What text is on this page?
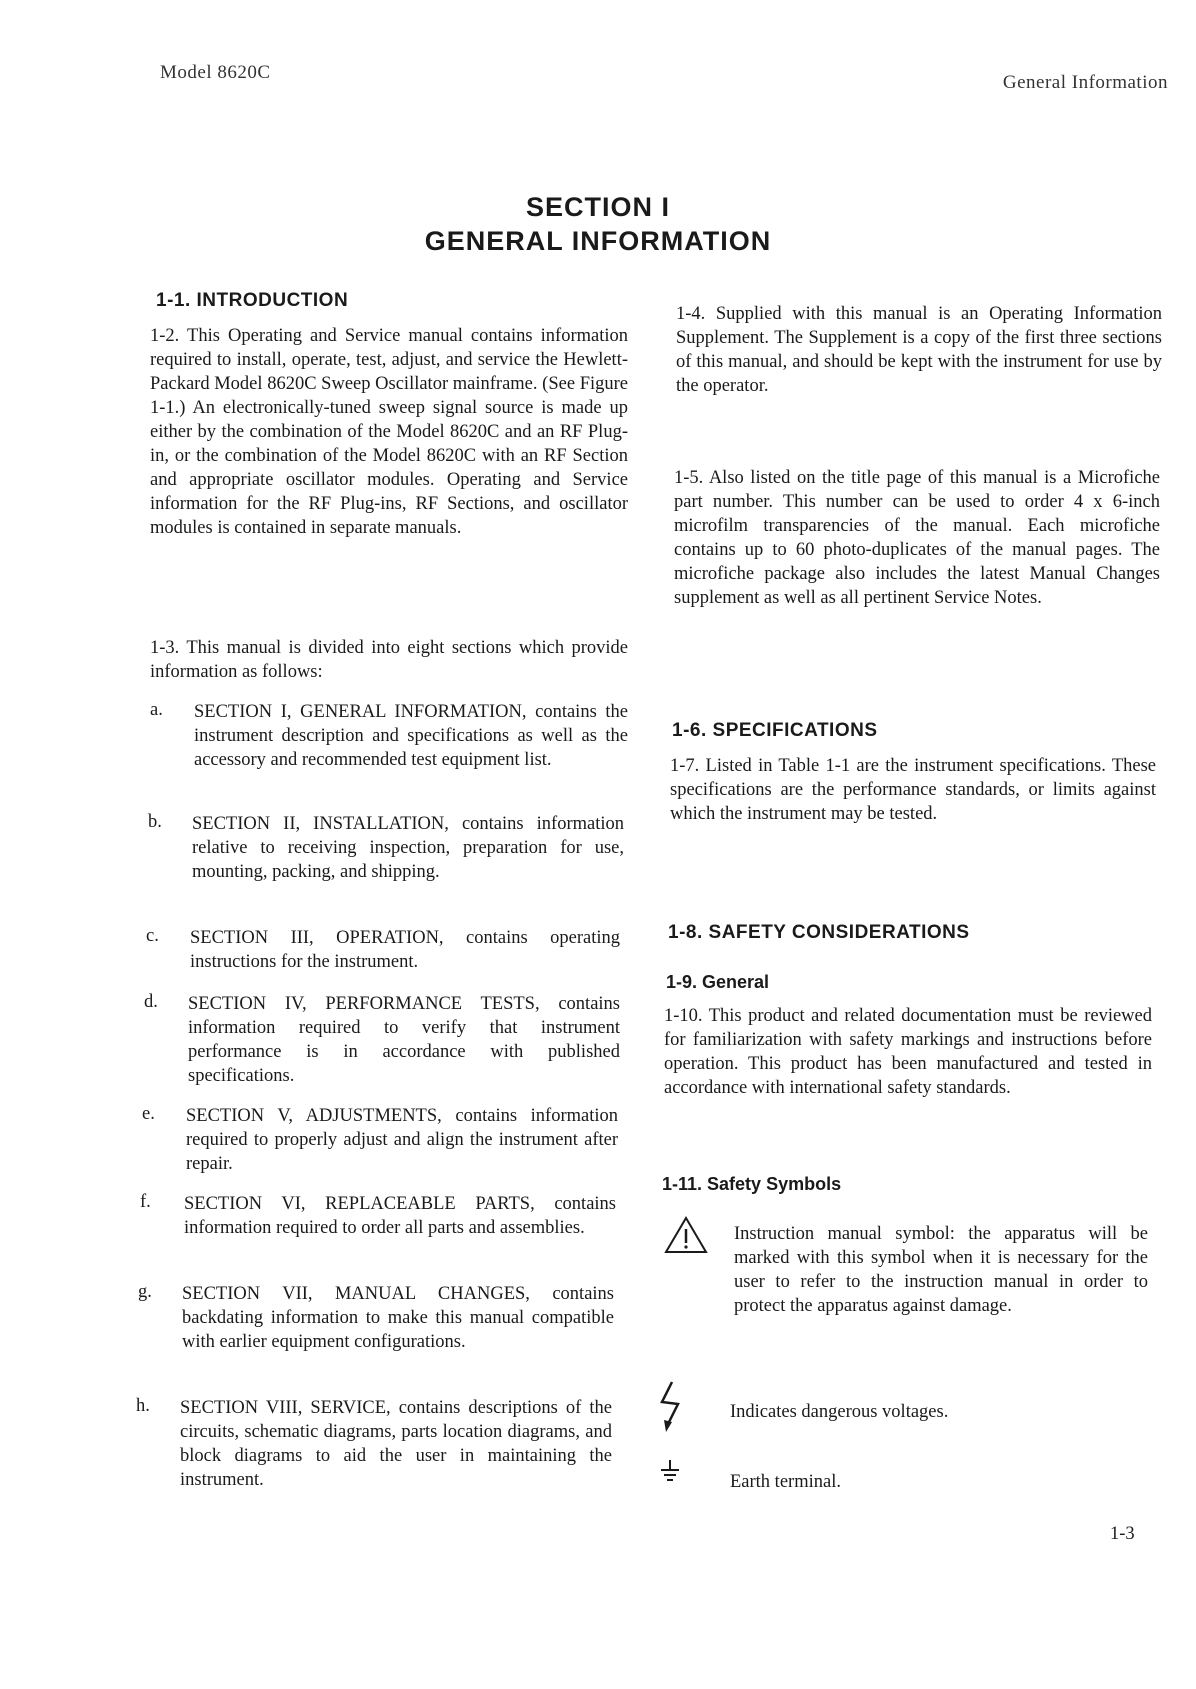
Model 8620C	General Information
SECTION I
GENERAL INFORMATION
1-1. INTRODUCTION
1-2. This Operating and Service manual contains information required to install, operate, test, adjust, and service the Hewlett-Packard Model 8620C Sweep Oscillator mainframe. (See Figure 1-1.) An electronically-tuned sweep signal source is made up either by the combination of the Model 8620C and an RF Plug-in, or the combination of the Model 8620C with an RF Section and appropriate oscillator modules. Operating and Service information for the RF Plug-ins, RF Sections, and oscillator modules is contained in separate manuals.
1-3. This manual is divided into eight sections which provide information as follows:
a. SECTION I, GENERAL INFORMATION, contains the instrument description and specifications as well as the accessory and recommended test equipment list.
b. SECTION II, INSTALLATION, contains information relative to receiving inspection, preparation for use, mounting, packing, and shipping.
c. SECTION III, OPERATION, contains operating instructions for the instrument.
d. SECTION IV, PERFORMANCE TESTS, contains information required to verify that instrument performance is in accordance with published specifications.
e. SECTION V, ADJUSTMENTS, contains information required to properly adjust and align the instrument after repair.
f. SECTION VI, REPLACEABLE PARTS, contains information required to order all parts and assemblies.
g. SECTION VII, MANUAL CHANGES, contains backdating information to make this manual compatible with earlier equipment configurations.
h. SECTION VIII, SERVICE, contains descriptions of the circuits, schematic diagrams, parts location diagrams, and block diagrams to aid the user in maintaining the instrument.
1-4. Supplied with this manual is an Operating Information Supplement. The Supplement is a copy of the first three sections of this manual, and should be kept with the instrument for use by the operator.
1-5. Also listed on the title page of this manual is a Microfiche part number. This number can be used to order 4 x 6-inch microfilm transparencies of the manual. Each microfiche contains up to 60 photo-duplicates of the manual pages. The microfiche package also includes the latest Manual Changes supplement as well as all pertinent Service Notes.
1-6. SPECIFICATIONS
1-7. Listed in Table 1-1 are the instrument specifications. These specifications are the performance standards, or limits against which the instrument may be tested.
1-8. SAFETY CONSIDERATIONS
1-9. General
1-10. This product and related documentation must be reviewed for familiarization with safety markings and instructions before operation. This product has been manufactured and tested in accordance with international safety standards.
1-11. Safety Symbols
Instruction manual symbol: the apparatus will be marked with this symbol when it is necessary for the user to refer to the instruction manual in order to protect the apparatus against damage.
Indicates dangerous voltages.
Earth terminal.
1-3
